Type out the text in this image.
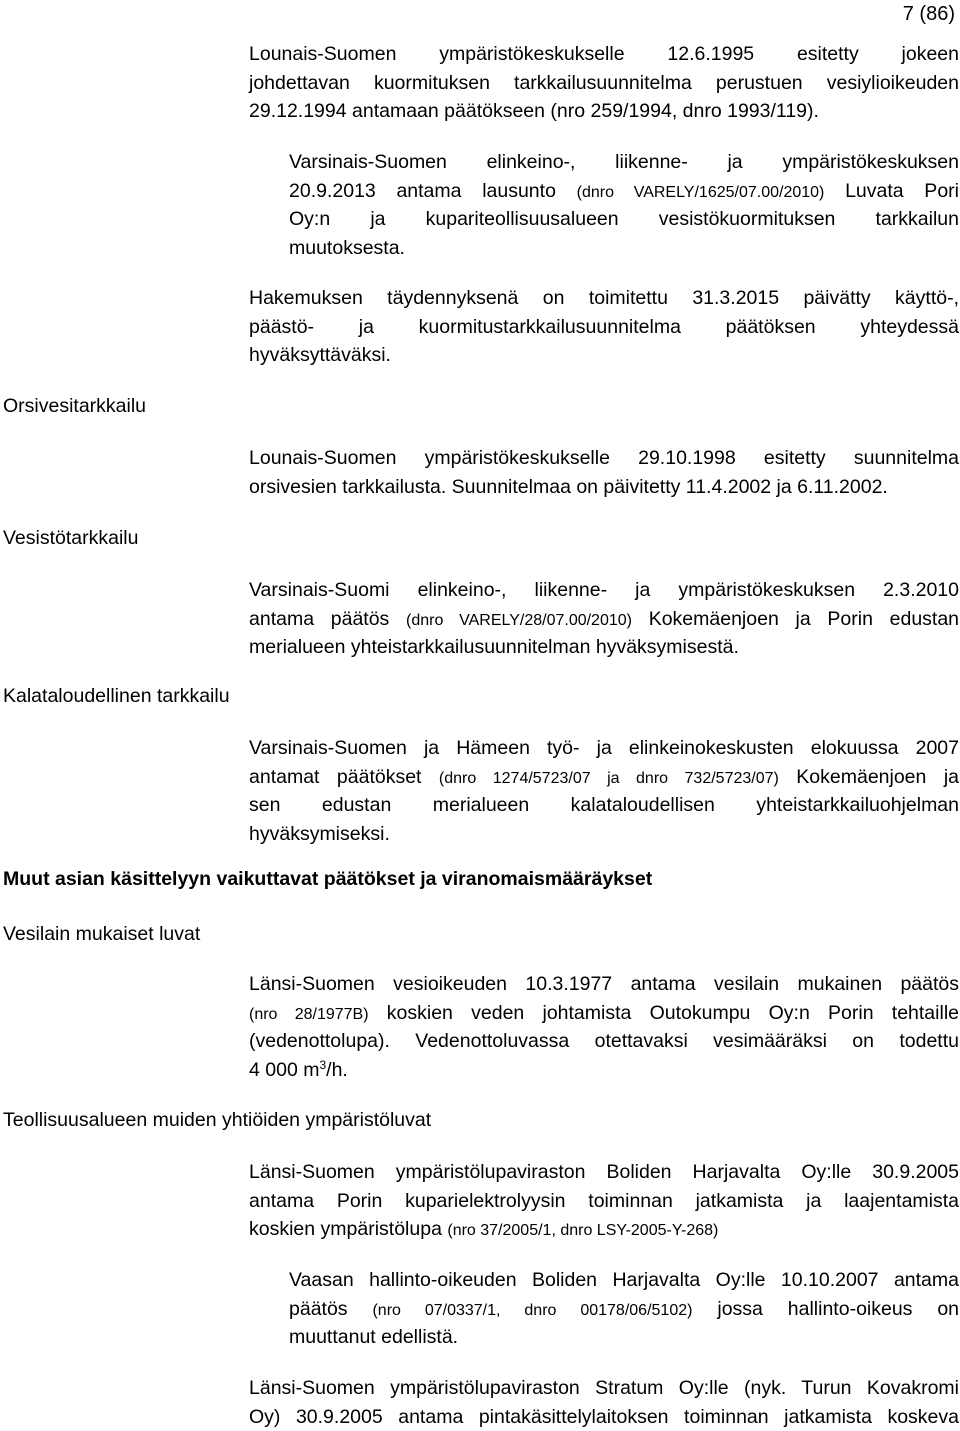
7 (86)
Lounais-Suomen ympäristökeskukselle 12.6.1995 esitetty jokeen
johdettavan kuormituksen tarkkailusuunnitelma perustuen vesiylioikeuden
29.12.1994 antamaan päätökseen (nro 259/1994, dnro 1993/119).
Varsinais-Suomen elinkeino-, liikenne- ja ympäristökeskuksen
20.9.2013 antama lausunto (dnro VARELY/1625/07.00/2010) Luvata Pori
Oy:n ja kupariteollisuusalueen vesistökuormituksen tarkkailun
muutoksesta.
Hakemuksen täydennyksenä on toimitettu 31.3.2015 päivätty käyttö-,
päästö- ja kuormitustarkkailusuunnitelma päätöksen yhteydessä
hyväksyttäväksi.
Orsivesitarkkailu
Lounais-Suomen ympäristökeskukselle 29.10.1998 esitetty suunnitelma
orsivesien tarkkailusta. Suunnitelmaa on päivitetty 11.4.2002 ja 6.11.2002.
Vesistötarkkailu
Varsinais-Suomi elinkeino-, liikenne- ja ympäristökeskuksen 2.3.2010
antama päätös (dnro VARELY/28/07.00/2010) Kokemäenjoen ja Porin edustan
merialueen yhteistarkkailusuunnitelman hyväksymisestä.
Kalataloudellinen tarkkailu
Varsinais-Suomen ja Hämeen työ- ja elinkeinokeskusten elokuussa 2007
antamat päätökset (dnro 1274/5723/07 ja dnro 732/5723/07) Kokemäenjoen ja
sen edustan merialueen kalataloudellisen yhteistarkkailuohjelman
hyväksymiseksi.
Muut asian käsittelyyn vaikuttavat päätökset ja viranomaismääräykset
Vesilain mukaiset luvat
Länsi-Suomen vesioikeuden 10.3.1977 antama vesilain mukainen päätös
(nro 28/1977B) koskien veden johtamista Outokumpu Oy:n Porin tehtaille
(vedenottolupa). Vedenottoluvassa otettavaksi vesimääräksi on todettu
4 000 $m^3/h$.
Teollisuusalueen muiden yhtiöiden ympäristöluvat
Länsi-Suomen ympäristölupaviraston Boliden Harjavalta Oy:lle 30.9.2005
antama Porin kuparielektrolyysin toiminnan jatkamista ja laajentamista
koskien ympäristölupa (nro 37/2005/1, dnro LSY-2005-Y-268)
Vaasan hallinto-oikeuden Boliden Harjavalta Oy:lle 10.10.2007 antama
päätös (nro 07/0337/1, dnro 00178/06/5102) jossa hallinto-oikeus on
muuttanut edellistä.
Länsi-Suomen ympäristölupaviraston Stratum Oy:lle (nyk. Turun Kovakromi
Oy) 30.9.2005 antama pintakäsittelylaitoksen toiminnan jatkamista koskeva
